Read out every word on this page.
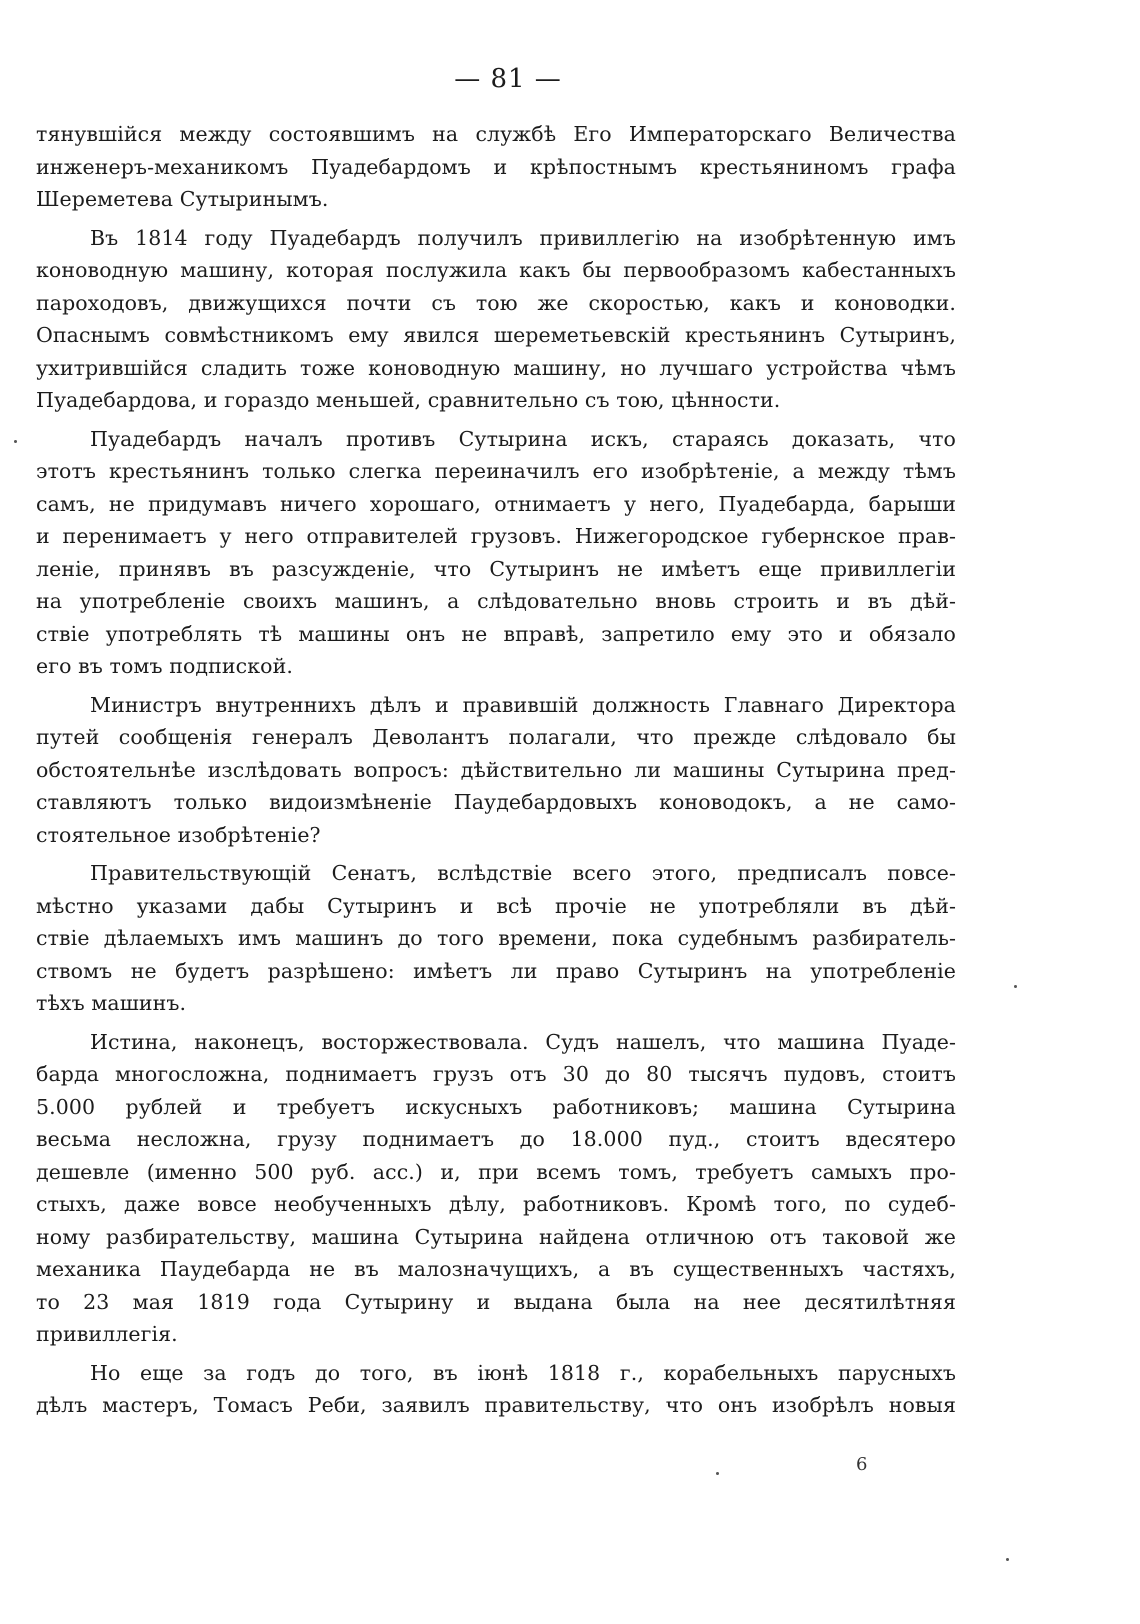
— 81 —
тянувшійся между состоявшимъ на службѣ Его Императорскаго Величества
инженеръ-механикомъ Пуадебардомъ и крѣпостнымъ крестьяниномъ графа
Шереметева Сутыринымъ.
Въ 1814 году Пуадебардъ получилъ привиллегію на изобрѣтенную имъ
коноводную машину, которая послужила какъ бы первообразомъ кабестанныхъ
пароходовъ, движущихся почти съ тою же скоростью, какъ и коноводки.
Опаснымъ совмѣстникомъ ему явился шереметьевскій крестьянинъ Сутыринъ,
ухитрившійся сладить тоже коноводную машину, но лучшаго устройства чѣмъ
Пуадебардова, и гораздо меньшей, сравнительно съ тою, цѣнности.
Пуадебардъ началъ противъ Сутырина искъ, стараясь доказать, что
этотъ крестьянинъ только слегка переиначилъ его изобрѣтеніе, а между тѣмъ
самъ, не придумавъ ничего хорошаго, отнимаетъ у него, Пуадебарда, барыши
и перенимаетъ у него отправителей грузовъ. Нижегородское губернское прав-
леніе, принявъ въ разсужденіе, что Сутыринъ не имѣетъ еще привиллегіи
на употребленіе своихъ машинъ, а слѣдовательно вновь строить и въ дѣй-
ствіе употреблять тѣ машины онъ не вправѣ, запретило ему это и обязало
его въ томъ подпиской.
Министръ внутреннихъ дѣлъ и правившій должность Главнаго Директора
путей сообщенія генералъ Деволантъ полагали, что прежде слѣдовало бы
обстоятельнѣе изслѣдовать вопросъ: дѣйствительно ли машины Сутырина пред-
ставляютъ только видоизмѣненіе Паудебардовыхъ коноводокъ, а не само-
стоятельное изобрѣтеніе?
Правительствующій Сенатъ, вслѣдствіе всего этого, предписалъ повсе-
мѣстно указами дабы Сутыринъ и всѣ прочіе не употребляли въ дѣй-
ствіе дѣлаемыхъ имъ машинъ до того времени, пока судебнымъ разбиратель-
ствомъ не будетъ разрѣшено: имѣетъ ли право Сутыринъ на употребленіе
тѣхъ машинъ.
Истина, наконецъ, восторжествовала. Судъ нашелъ, что машина Пуаде-
барда многосложна, поднимаетъ грузъ отъ 30 до 80 тысячъ пудовъ, стоитъ
5.000 рублей и требуетъ искусныхъ работниковъ; машина Сутырина
весьма несложна, грузу поднимаетъ до 18.000 пуд., стоитъ вдесятеро
дешевле (именно 500 руб. асс.) и, при всемъ томъ, требуетъ самыхъ про-
стыхъ, даже вовсе необученныхъ дѣлу, работниковъ. Кромѣ того, по судеб-
ному разбирательству, машина Сутырина найдена отличною отъ таковой же
механика Паудебарда не въ малозначущихъ, а въ существенныхъ частяхъ,
то 23 мая 1819 года Сутырину и выдана была на нее десятилѣтняя
привиллегія.
Но еще за годъ до того, въ іюнѣ 1818 г., корабельныхъ парусныхъ
дѣлъ мастеръ, Томасъ Реби, заявилъ правительству, что онъ изобрѣлъ новыя
6
